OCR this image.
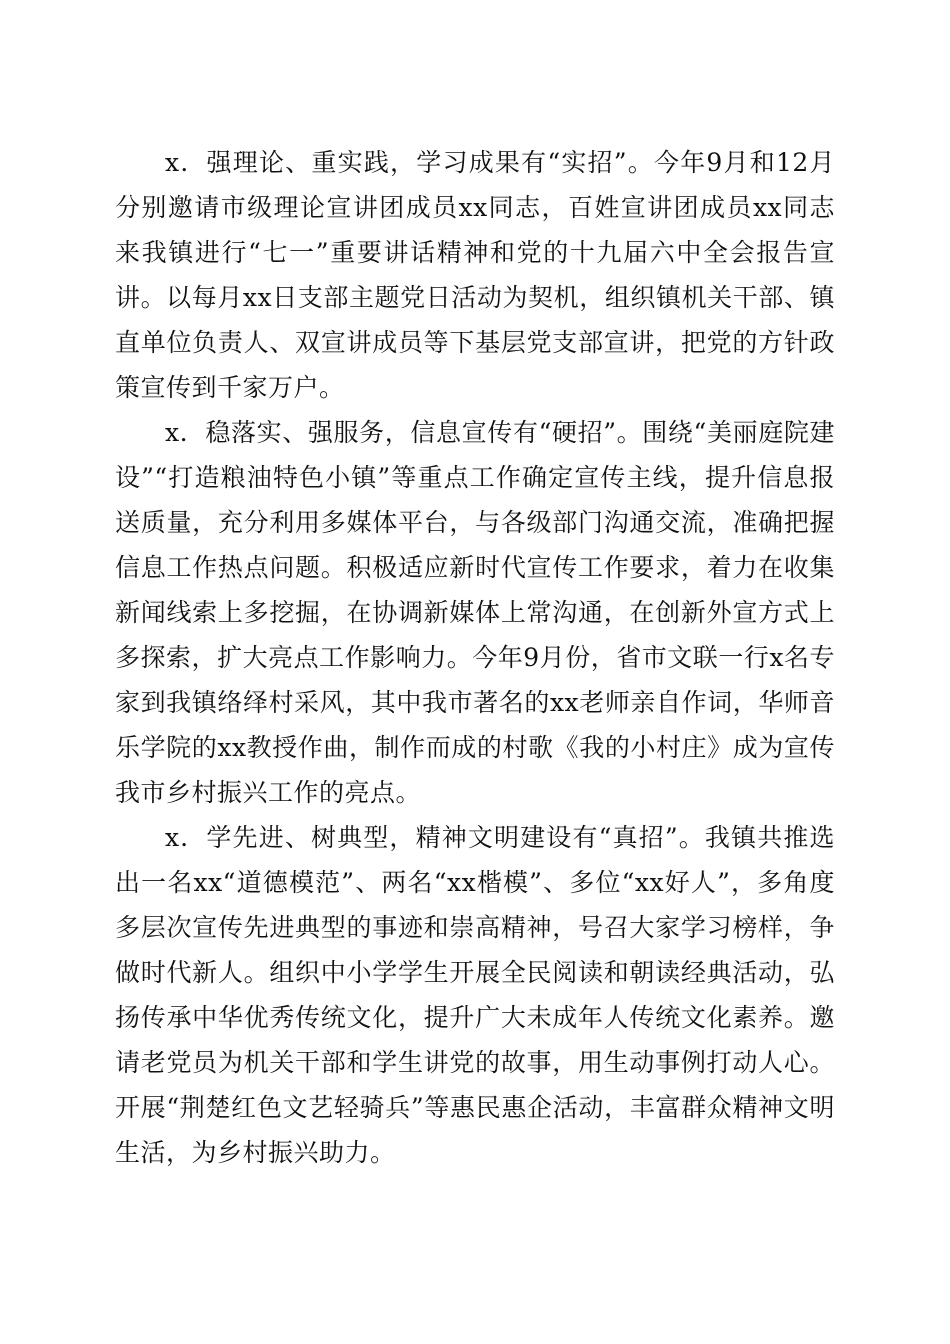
x．强理论、重实践，学习成果有“实招”。今年9月和12月分别邀请市级理论宣讲团成员xx同志，百姓宣讲团成员xx同志来我镇进行“七一”重要讲话精神和党的十九届六中全会报告宣讲。以每月xx日支部主题党日活动为契机，组织镇机关干部、镇直单位负责人、双宣讲成员等下基层党支部宣讲，把党的方针政策宣传到千家万户。

x．稳落实、强服务，信息宣传有“硬招”。围绕“美丽庭院建设”“打造粮油特色小镇”等重点工作确定宣传主线，提升信息报送质量，充分利用多媒体平台，与各级部门沟通交流，准确把握信息工作热点问题。积极适应新时代宣传工作要求，着力在收集新闻线索上多挖掘，在协调新媒体上常沟通，在创新外宣方式上多探索，扩大亮点工作影响力。今年9月份，省市文联一行x名专家到我镇络绎村采风，其中我市著名的xx老师亲自作词，华师音乐学院的xx教授作曲，制作而成的村歌《我的小村庄》成为宣传我市乡村振兴工作的亮点。

x．学先进、树典型，精神文明建设有“真招”。我镇共推选出一名xx“道德模范”、两名“xx楷模”、多位“xx好人”，多角度多层次宣传先进典型的事迹和崇高精神，号召大家学习榜样，争做时代新人。组织中小学学生开展全民阅读和朝读经典活动，弘扬传承中华优秀传统文化，提升广大未成年人传统文化素养。邀请老党员为机关干部和学生讲党的故事，用生动事例打动人心。开展“荆楚红色文艺轻骑兵”等惠民惠企活动，丰富群众精神文明生活，为乡村振兴助力。
